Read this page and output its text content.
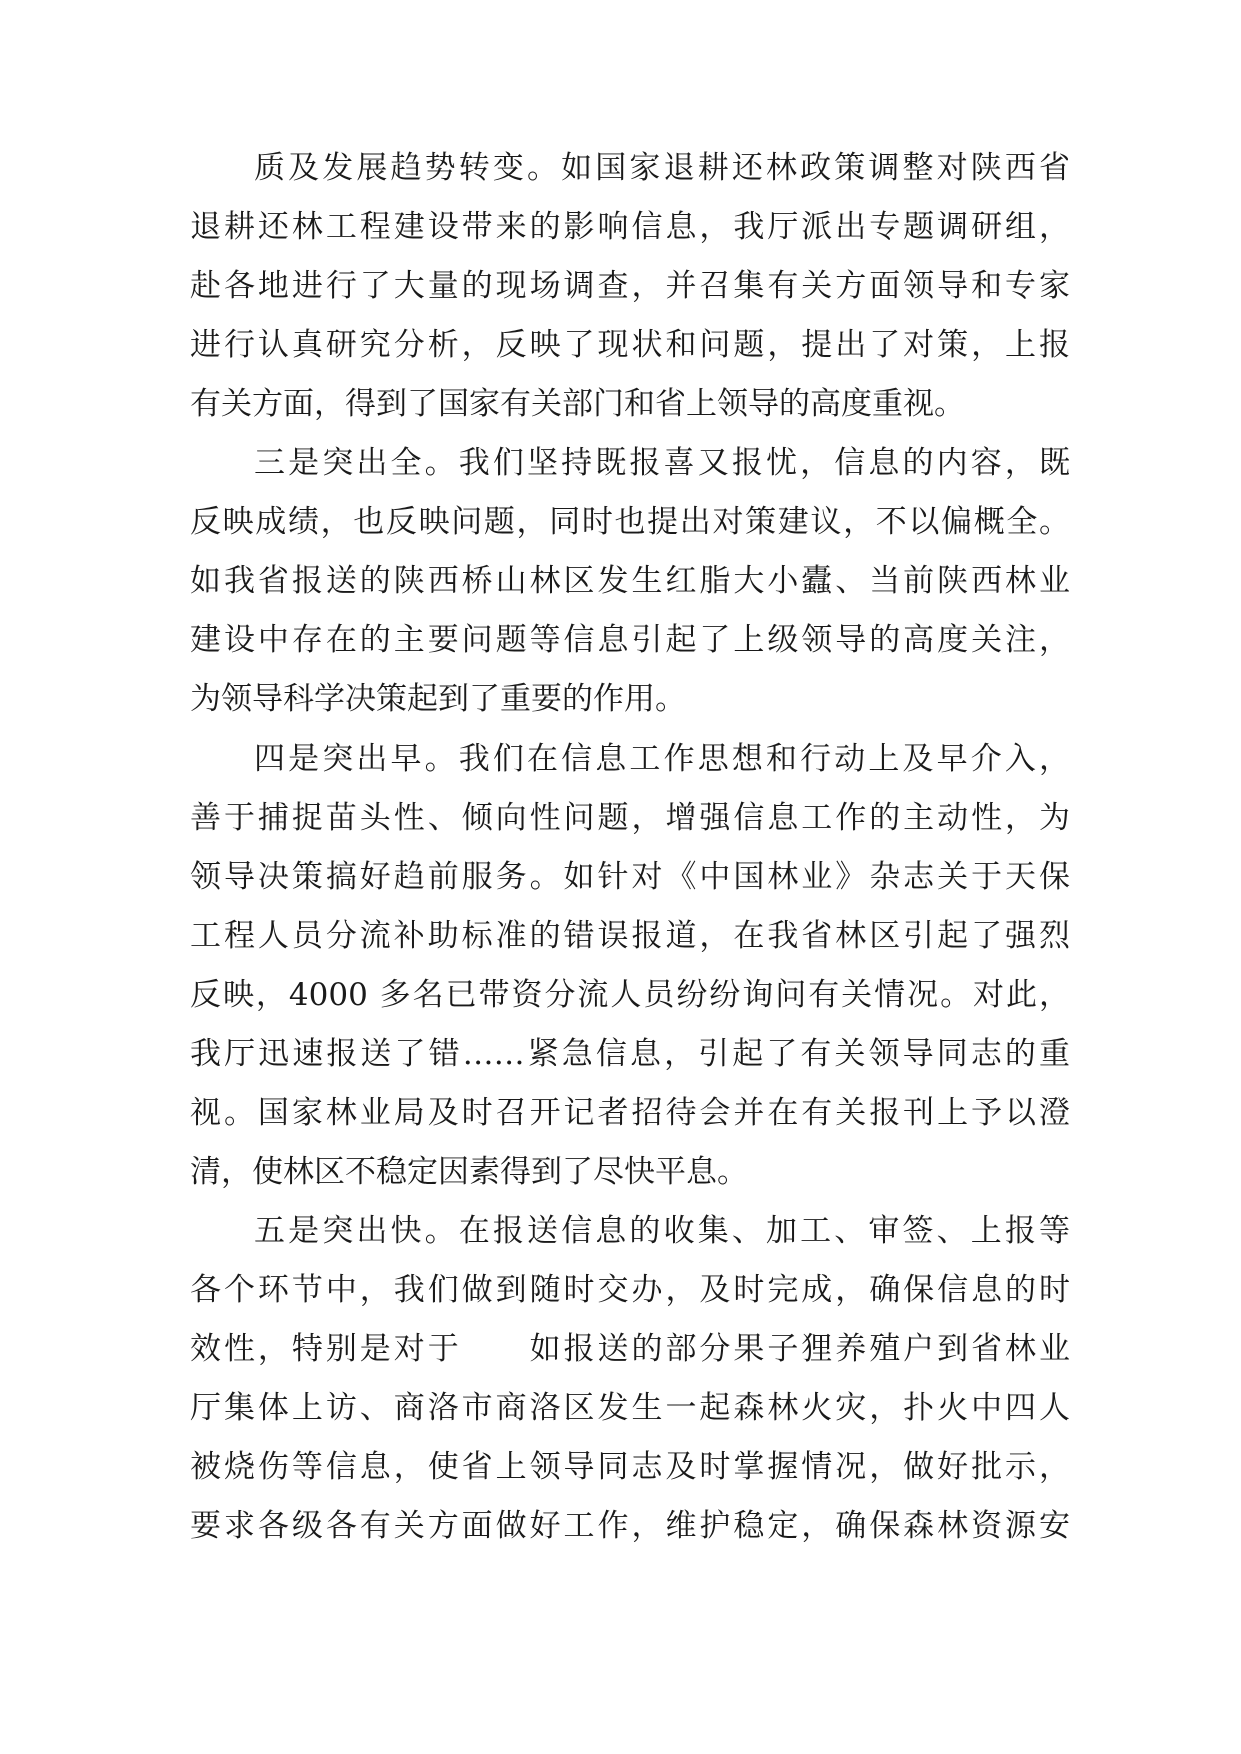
质及发展趋势转变。如国家退耕还林政策调整对陕西省
退耕还林工程建设带来的影响信息，我厅派出专题调研组，
赴各地进行了大量的现场调查，并召集有关方面领导和专家
进行认真研究分析，反映了现状和问题，提出了对策，上报
有关方面，得到了国家有关部门和省上领导的高度重视。
三是突出全。我们坚持既报喜又报忧，信息的内容，既
反映成绩，也反映问题，同时也提出对策建议，不以偏概全。
如我省报送的陕西桥山林区发生红脂大小蠹、当前陕西林业
建设中存在的主要问题等信息引起了上级领导的高度关注，
为领导科学决策起到了重要的作用。
四是突出早。我们在信息工作思想和行动上及早介入，
善于捕捉苗头性、倾向性问题，增强信息工作的主动性，为
领导决策搞好趋前服务。如针对《中国林业》杂志关于天保
工程人员分流补助标准的错误报道，在我省林区引起了强烈
反映，4000 多名已带资分流人员纷纷询问有关情况。对此，
我厅迅速报送了错……紧急信息，引起了有关领导同志的重
视。国家林业局及时召开记者招待会并在有关报刊上予以澄
清，使林区不稳定因素得到了尽快平息。
五是突出快。在报送信息的收集、加工、审签、上报等
各个环节中，我们做到随时交办，及时完成，确保信息的时
效性，特别是对于　　如报送的部分果子狸养殖户到省林业
厅集体上访、商洛市商洛区发生一起森林火灾，扑火中四人
被烧伤等信息，使省上领导同志及时掌握情况，做好批示，
要求各级各有关方面做好工作，维护稳定，确保森林资源安
